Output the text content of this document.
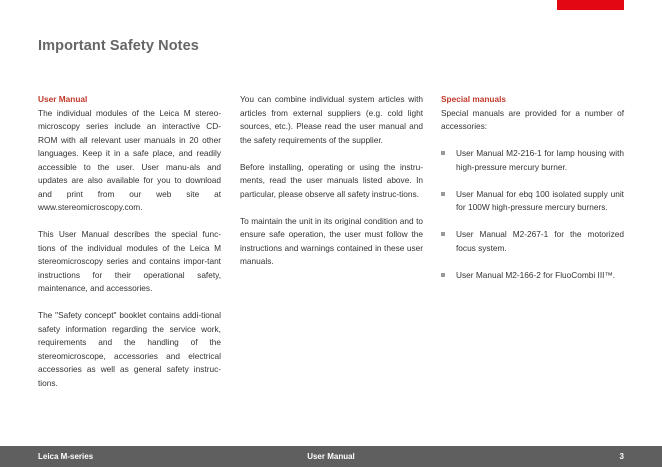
Important Safety Notes
User Manual

The individual modules of the Leica M stereo-microscopy series include an interactive CD-ROM with all relevant user manuals in 20 other languages. Keep it in a safe place, and readily accessible to the user. User manu-als and updates are also available for you to download and print from our web site at www.stereomicroscopy.com.

This User Manual describes the special func-tions of the individual modules of the Leica M stereomicroscopy series and contains impor-tant instructions for their operational safety, maintenance, and accessories.

The "Safety concept" booklet contains addi-tional safety information regarding the service work, requirements and the handling of the stereomicroscope, accessories and electrical accessories as well as general safety instruc-tions.

You can combine individual system articles with articles from external suppliers (e.g. cold light sources, etc.). Please read the user manual and the safety requirements of the supplier.

Before installing, operating or using the instru-ments, read the user manuals listed above. In particular, please observe all safety instruc-tions.

To maintain the unit in its original condition and to ensure safe operation, the user must follow the instructions and warnings contained in these user manuals.

Special manuals

Special manuals are provided for a number of accessories:

User Manual M2-216-1 for lamp housing with high-pressure mercury burner.
User Manual for ebq 100 isolated supply unit for 100W high-pressure mercury burners.
User Manual M2-267-1 for the motorized focus system.
User Manual M2-166-2 for FluoCombi III™.
Leica M-series	User Manual	3
